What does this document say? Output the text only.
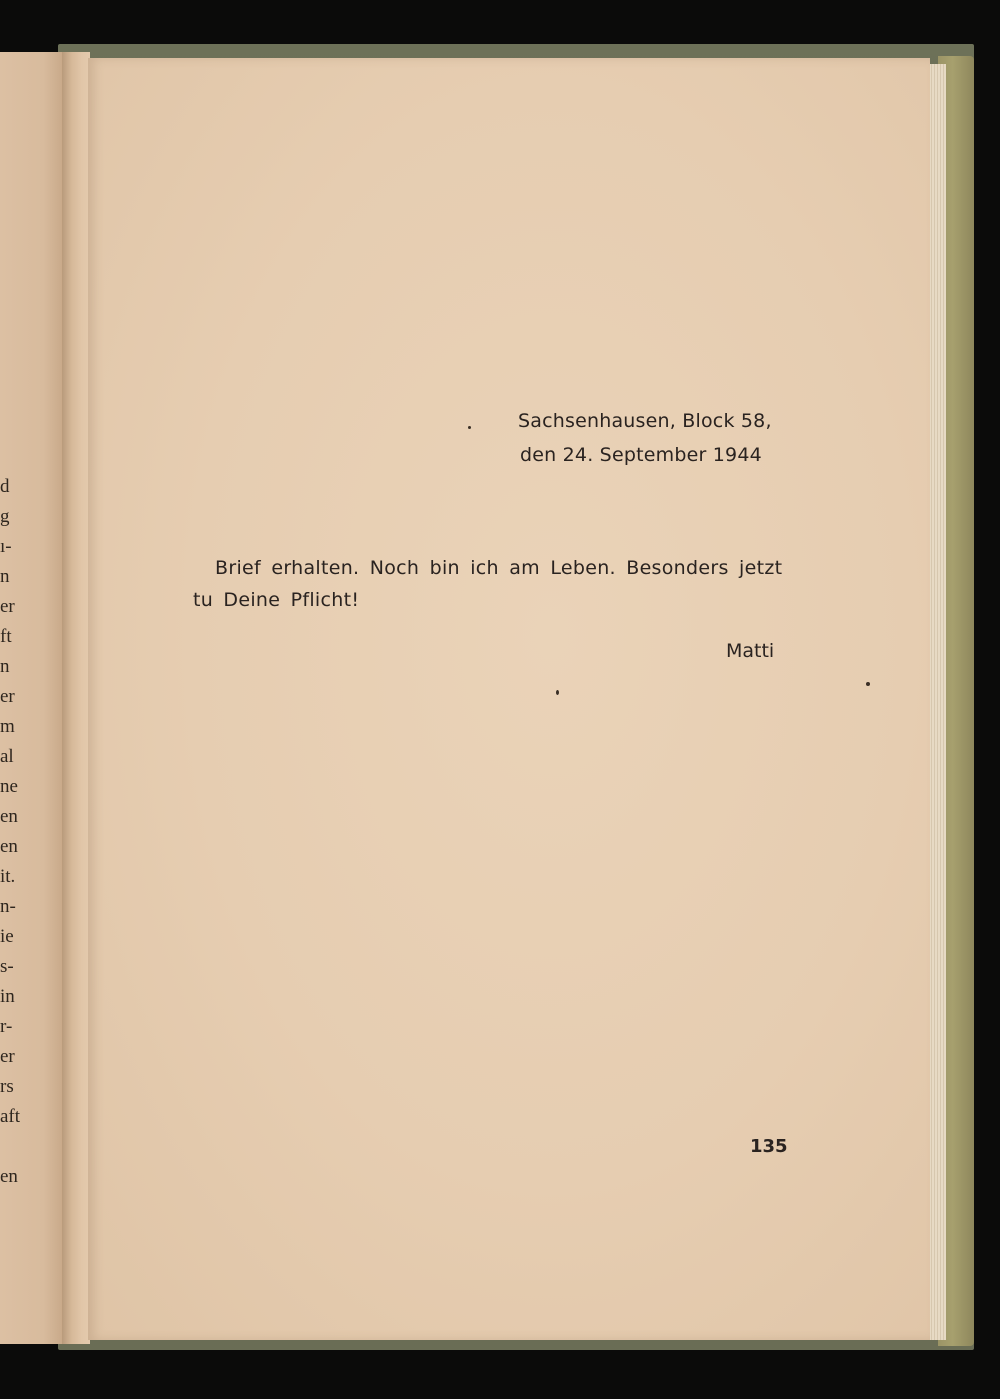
d
g
ı-
n
er
ft
n
er
m
al
ne
en
en
it.
n-
ie
s-
in
r-
er
rs
aft
en
Sachsenhausen, Block 58,
den 24. September 1944
Brief erhalten. Noch bin ich am Leben. Besonders jetzt
tu Deine Pflicht!
Matti
135
